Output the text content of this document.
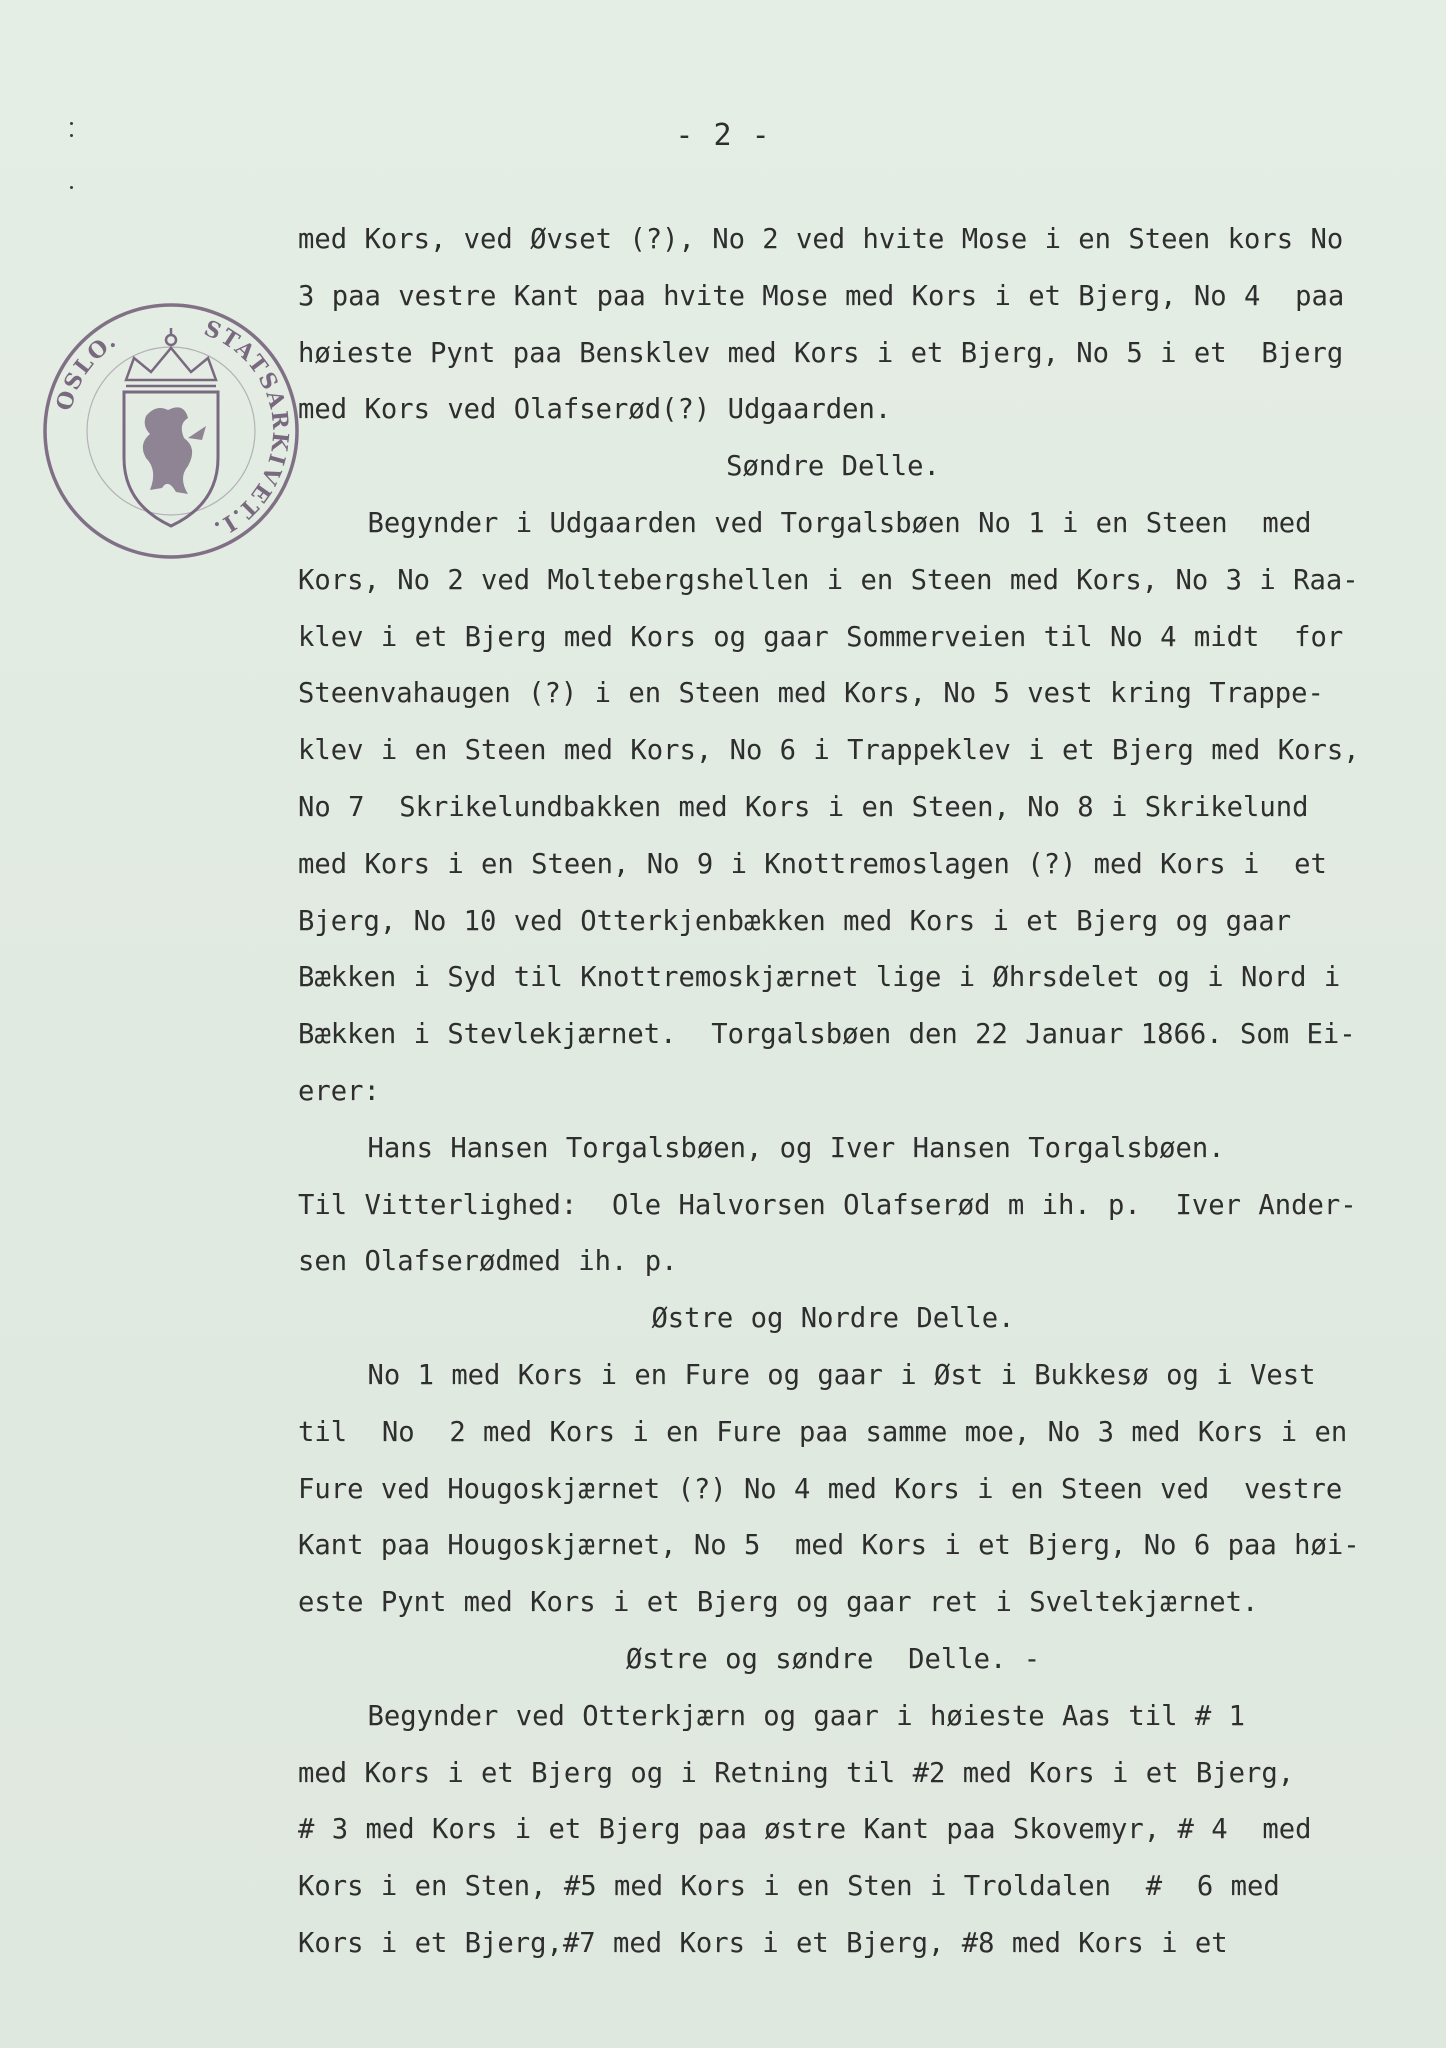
- 2 -
OSLO.	STATSARKIVET.I.
med Kors, ved Øvset (?), No 2 ved hvite Mose i en Steen kors No
3 paa vestre Kant paa hvite Mose med Kors i et Bjerg, No 4  paa
høieste Pynt paa Bensklev med Kors i et Bjerg, No 5 i et  Bjerg
med Kors ved Olafserød(?) Udgaarden.
Søndre Delle.
Begynder i Udgaarden ved Torgalsbøen No 1 i en Steen  med
Kors, No 2 ved Moltebergshellen i en Steen med Kors, No 3 i Raa-
klev i et Bjerg med Kors og gaar Sommerveien til No 4 midt  for
Steenvahaugen (?) i en Steen med Kors, No 5 vest kring Trappe-
klev i en Steen med Kors, No 6 i Trappeklev i et Bjerg med Kors,
No 7  Skrikelundbakken med Kors i en Steen, No 8 i Skrikelund
med Kors i en Steen, No 9 i Knottremoslagen (?) med Kors i  et
Bjerg, No 10 ved Otterkjenbækken med Kors i et Bjerg og gaar
Bækken i Syd til Knottremoskjærnet lige i Øhrsdelet og i Nord i
Bækken i Stevlekjærnet.  Torgalsbøen den 22 Januar 1866. Som Ei-
erer:
Hans Hansen Torgalsbøen, og Iver Hansen Torgalsbøen.
Til Vitterlighed:  Ole Halvorsen Olafserød m ih. p.  Iver Ander-
sen Olafserødmed ih. p.
Østre og Nordre Delle.
No 1 med Kors i en Fure og gaar i Øst i Bukkesø og i Vest
til  No  2 med Kors i en Fure paa samme moe, No 3 med Kors i en
Fure ved Hougoskjærnet (?) No 4 med Kors i en Steen ved  vestre
Kant paa Hougoskjærnet, No 5  med Kors i et Bjerg, No 6 paa høi-
este Pynt med Kors i et Bjerg og gaar ret i Sveltekjærnet.
Østre og søndre  Delle. -
Begynder ved Otterkjærn og gaar i høieste Aas til # 1
med Kors i et Bjerg og i Retning til #2 med Kors i et Bjerg,
# 3 med Kors i et Bjerg paa østre Kant paa Skovemyr, # 4  med
Kors i en Sten, #5 med Kors i en Sten i Troldalen  #  6 med
Kors i et Bjerg,#7 med Kors i et Bjerg, #8 med Kors i et
